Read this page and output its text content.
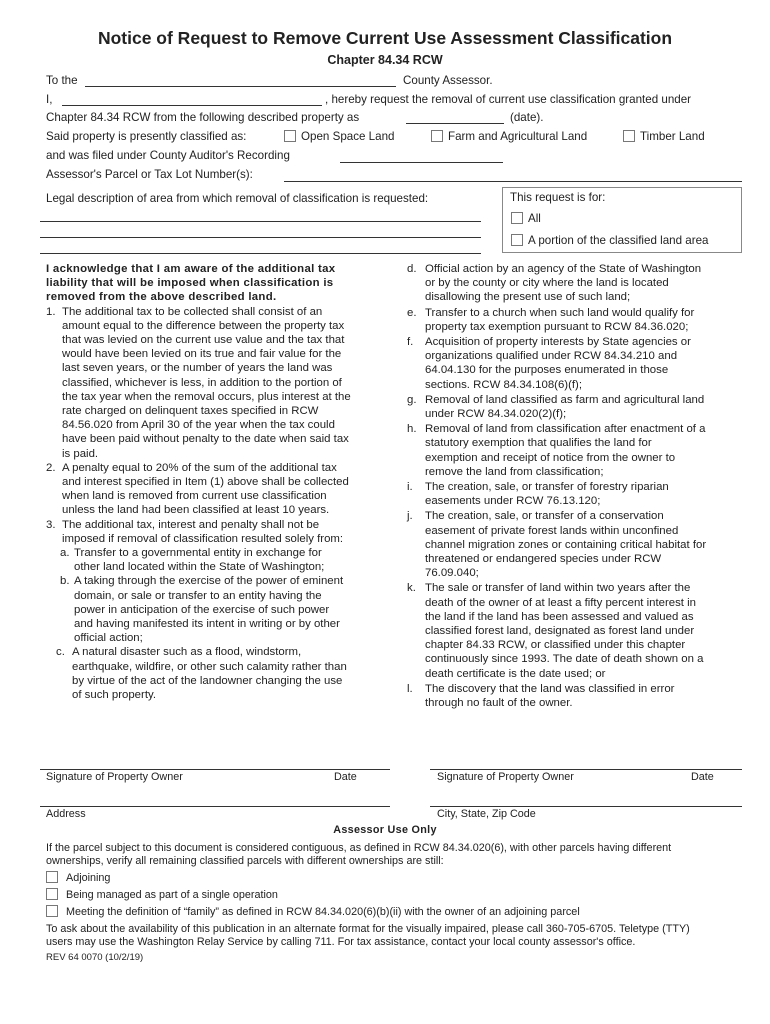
Notice of Request to Remove Current Use Assessment Classification
Chapter 84.34 RCW
To the	County Assessor.
I,	, hereby request the removal of current use classification granted under
Chapter 84.34 RCW from the following described property as	(date).
Said property is presently classified as:	Open Space Land	Farm and Agricultural Land	Timber Land
and was filed under County Auditor's Recording
Assessor's Parcel or Tax Lot Number(s):
Legal description of area from which removal of classification is requested:	This request is for:
All
A portion of the classified land area

I acknowledge that I am aware of the additional tax
liability that will be imposed when classification is
removed from the above described land.

1. The additional tax to be collected shall consist of an
amount equal to the difference between the property tax
that was levied on the current use value and the tax that
would have been levied on its true and fair value for the
last seven years, or the number of years the land was
classified, whichever is less, in addition to the portion of
the tax year when the removal occurs, plus interest at the
rate charged on delinquent taxes specified in RCW
84.56.020 from April 30 of the year when the tax could
have been paid without penalty to the date when said tax
is paid.
2. A penalty equal to 20% of the sum of the additional tax
and interest specified in Item (1) above shall be collected
when land is removed from current use classification
unless the land had been classified at least 10 years.
3. The additional tax, interest and penalty shall not be
imposed if removal of classification resulted solely from:
a. Transfer to a governmental entity in exchange for
other land located within the State of Washington;
b. A taking through the exercise of the power of eminent
domain, or sale or transfer to an entity having the
power in anticipation of the exercise of such power
and having manifested its intent in writing or by other
official action;
c. A natural disaster such as a flood, windstorm,
earthquake, wildfire, or other such calamity rather than
by virtue of the act of the landowner changing the use
of such property.
d. Official action by an agency of the State of Washington
or by the county or city where the land is located
disallowing the present use of such land;
e. Transfer to a church when such land would qualify for
property tax exemption pursuant to RCW 84.36.020;
f. Acquisition of property interests by State agencies or
organizations qualified under RCW 84.34.210 and
64.04.130 for the purposes enumerated in those
sections. RCW 84.34.108(6)(f);
g. Removal of land classified as farm and agricultural land
under RCW 84.34.020(2)(f);
h. Removal of land from classification after enactment of a
statutory exemption that qualifies the land for
exemption and receipt of notice from the owner to
remove the land from classification;
i. The creation, sale, or transfer of forestry riparian
easements under RCW 76.13.120;
j. The creation, sale, or transfer of a conservation
easement of private forest lands within unconfined
channel migration zones or containing critical habitat for
threatened or endangered species under RCW
76.09.040;
k. The sale or transfer of land within two years after the
death of the owner of at least a fifty percent interest in
the land if the land has been assessed and valued as
classified forest land, designated as forest land under
chapter 84.33 RCW, or classified under this chapter
continuously since 1993. The date of death shown on a
death certificate is the date used; or
l. The discovery that the land was classified in error
through no fault of the owner.
Signature of Property Owner	Date	Signature of Property Owner	Date
Address	City, State, Zip Code
Assessor Use Only
If the parcel subject to this document is considered contiguous, as defined in RCW 84.34.020(6), with other parcels having different
ownerships, verify all remaining classified parcels with different ownerships are still:
Adjoining
Being managed as part of a single operation
Meeting the definition of “family” as defined in RCW 84.34.020(6)(b)(ii) with the owner of an adjoining parcel
To ask about the availability of this publication in an alternate format for the visually impaired, please call 360-705-6705. Teletype (TTY)
users may use the Washington Relay Service by calling 711. For tax assistance, contact your local county assessor's office.
REV 64 0070 (10/2/19)
